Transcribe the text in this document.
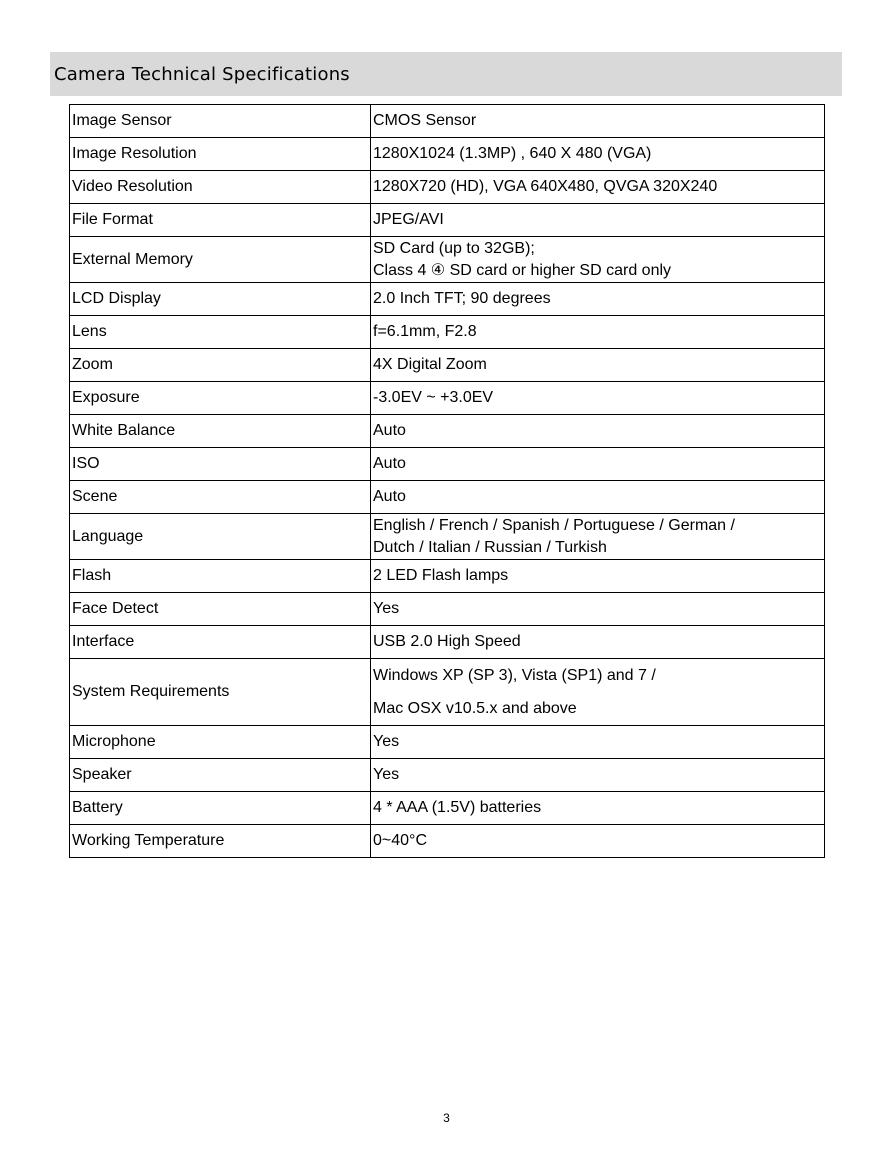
Camera Technical Specifications
Image Sensor	CMOS Sensor

Image Resolution	1280X1024 (1.3MP) , 640 X 480 (VGA)

Video Resolution	1280X720 (HD), VGA 640X480, QVGA 320X240

File Format	JPEG/AVI

External Memory	SD Card (up to 32GB);
Class 4 ④ SD card or higher SD card only

LCD Display	2.0 Inch TFT; 90 degrees

Lens	f=6.1mm, F2.8

Zoom	4X Digital Zoom

Exposure	-3.0EV ~ +3.0EV

White Balance	Auto

ISO	Auto

Scene	Auto

Language	English / French / Spanish / Portuguese / German /
Dutch / Italian / Russian / Turkish

Flash	2 LED Flash lamps

Face Detect	Yes

Interface	USB 2.0 High Speed

System Requirements	Windows XP (SP 3), Vista (SP1) and 7 /
Mac OSX v10.5.x and above

Microphone	Yes

Speaker	Yes

Battery	4 * AAA (1.5V) batteries

Working Temperature	0~40°C
3
